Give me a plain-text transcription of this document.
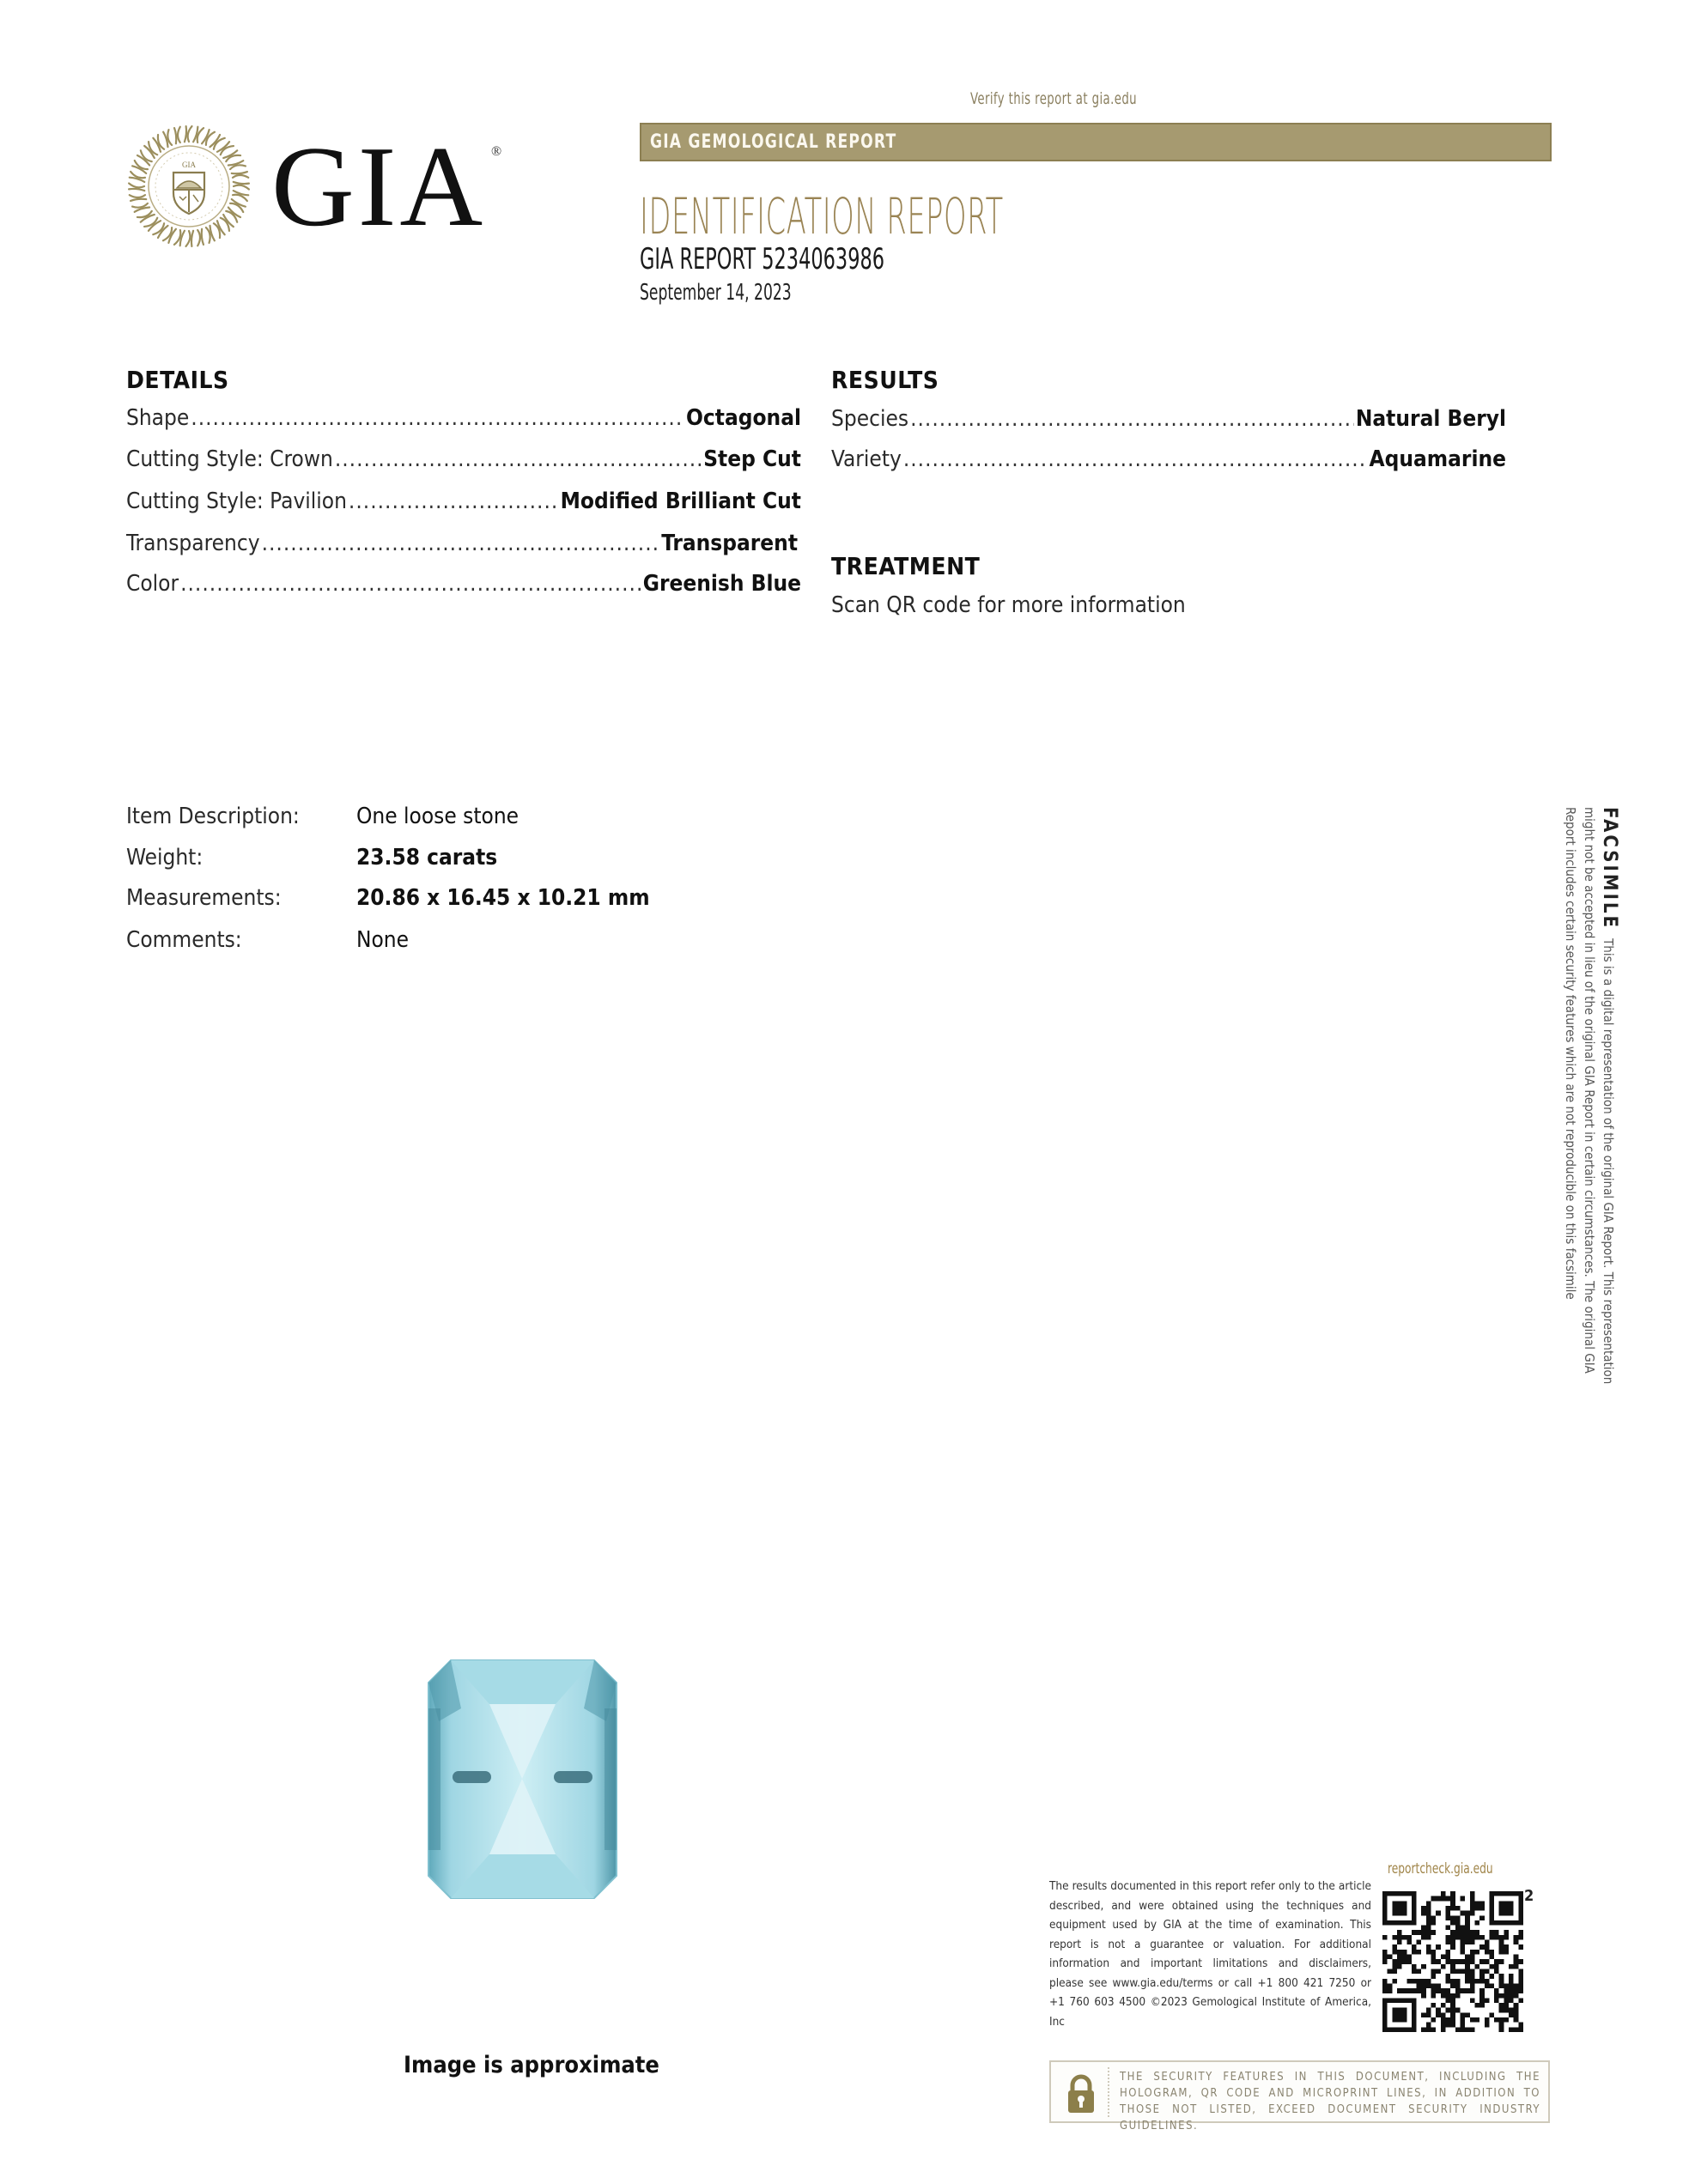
GIA GIA ®
Verify this report at gia.edu
GIA GEMOLOGICAL REPORT
IDENTIFICATION REPORT
GIA REPORT 5234063986
September 14, 2023
DETAILS
Shape .....	Octagonal
Cutting Style: Crown .....	Step Cut
Cutting Style: Pavilion .....	Modified Brilliant Cut
Transparency .....	Transparent
Color .....	Greenish Blue
RESULTS
Species .....	Natural Beryl
Variety .....	Aquamarine
TREATMENT
Scan QR code for more information
Item Description:	One loose stone
Weight:	23.58 carats
Measurements:	20.86 x 16.45 x 10.21 mm
Comments:	None
FACSIMILEThis is a digital representation of the original GIA Report. This representation might not be accepted in lieu of the original GIA Report in certain circumstances. The original GIA Report includes certain security features which are not reproducible on this facsimile
Image is approximate
The results documented in this report refer only to the article described, and were obtained using the techniques and equipment used by GIA at the time of examination. This report is not a guarantee or valuation. For additional information and important limitations and disclaimers, please see www.gia.edu/terms or call +1 800 421 7250 or +1 760 603 4500 ©2023 Gemological Institute of America, Inc
reportcheck.gia.edu
2
THE SECURITY FEATURES IN THIS DOCUMENT, INCLUDING THE HOLOGRAM, QR CODE AND MICROPRINT LINES, IN ADDITION TO THOSE NOT LISTED, EXCEED DOCUMENT SECURITY INDUSTRY GUIDELINES.
